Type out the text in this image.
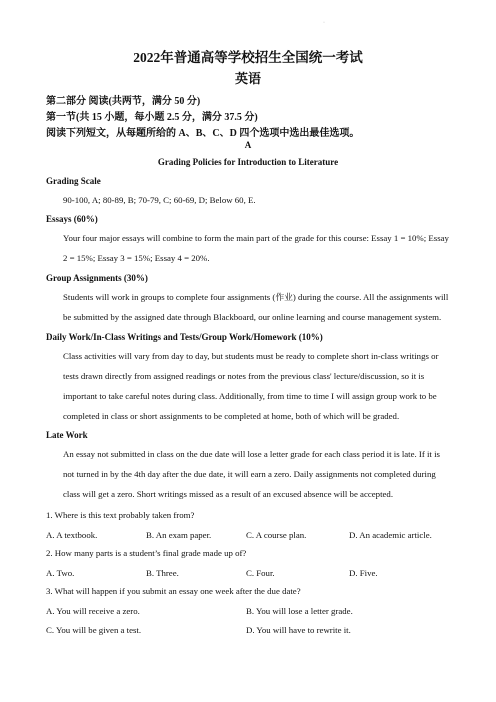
·
2022年普通高等学校招生全国统一考试
英语
第二部分 阅读(共两节，满分 50 分)
第一节(共 15 小题，每小题 2.5 分，满分 37.5 分)
阅读下列短文，从每题所给的 A、B、C、D 四个选项中选出最佳选项。
A
Grading Policies for Introduction to Literature
Grading Scale
90-100, A; 80-89, B; 70-79, C; 60-69, D; Below 60, E.
Essays (60%)
Your four major essays will combine to form the main part of the grade for this course: Essay 1 = 10%; Essay 2 = 15%; Essay 3 = 15%; Essay 4 = 20%.
Group Assignments (30%)
Students will work in groups to complete four assignments (作业) during the course. All the assignments will be submitted by the assigned date through Blackboard, our online learning and course management system.
Daily Work/In-Class Writings and Tests/Group Work/Homework (10%)
Class activities will vary from day to day, but students must be ready to complete short in-class writings or tests drawn directly from assigned readings or notes from the previous class' lecture/discussion, so it is important to take careful notes during class. Additionally, from time to time I will assign group work to be completed in class or short assignments to be completed at home, both of which will be graded.
Late Work
An essay not submitted in class on the due date will lose a letter grade for each class period it is late. If it is not turned in by the 4th day after the due date, it will earn a zero. Daily assignments not completed during class will get a zero. Short writings missed as a result of an excused absence will be accepted.
1. Where is this text probably taken from?
A. A textbook.	B. An exam paper.	C. A course plan.	D. An academic article.
2. How many parts is a student’s final grade made up of?
A. Two.	B. Three.	C. Four.	D. Five.
3. What will happen if you submit an essay one week after the due date?
A. You will receive a zero.	B. You will lose a letter grade.
C. You will be given a test.	D. You will have to rewrite it.
